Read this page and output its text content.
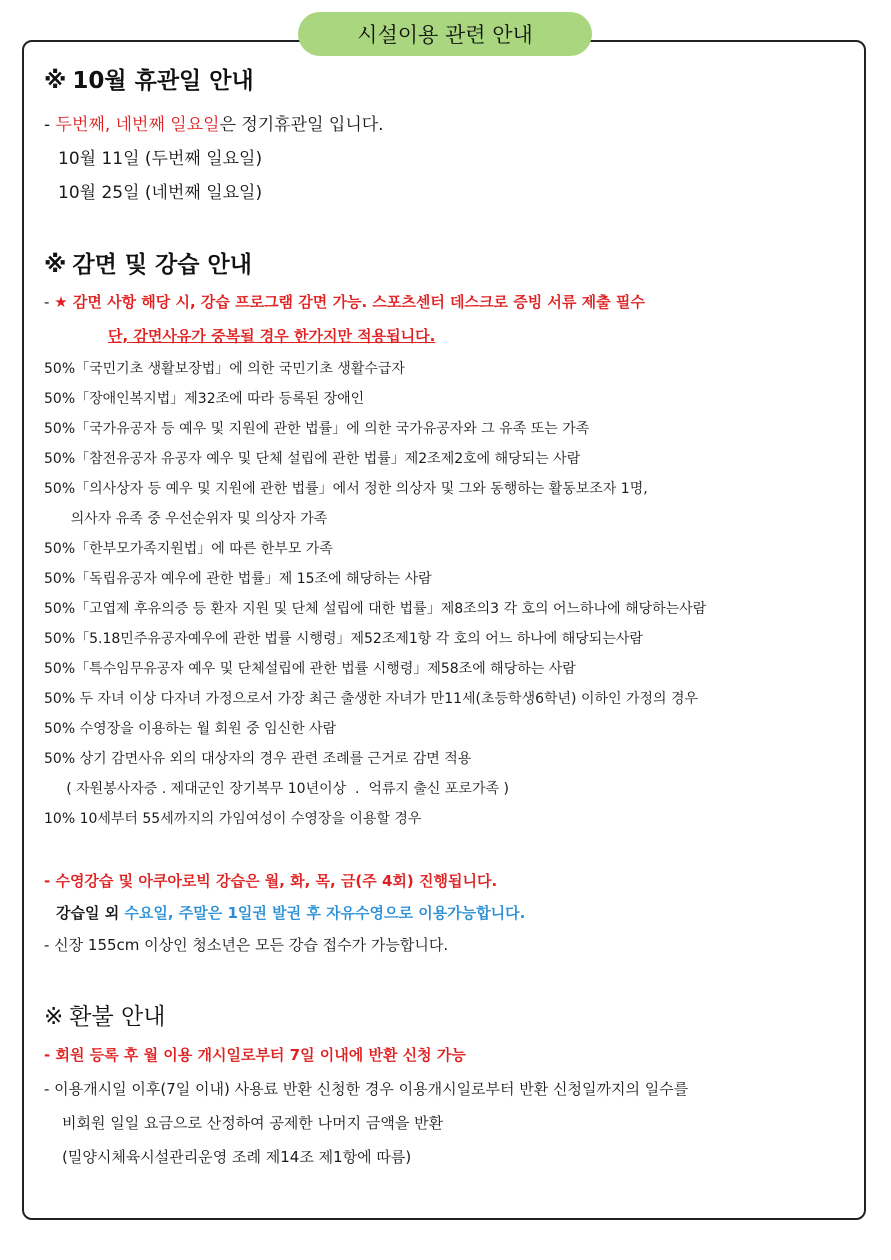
시설이용 관련 안내
※ 10월 휴관일 안내
- 두번째, 네번째 일요일은 정기휴관일 입니다.
10월 11일 (두번째 일요일)
10월 25일 (네번째 일요일)
※ 감면 및 강습 안내
- ★ 감면 사항 해당 시, 강습 프로그램 감면 가능. 스포츠센터 데스크로 증빙 서류 제출 필수
단, 감면사유가 중복될 경우 한가지만 적용됩니다.
50%「국민기초 생활보장법」에 의한 국민기초 생활수급자
50%「장애인복지법」제32조에 따라 등록된 장애인
50%「국가유공자 등 예우 및 지원에 관한 법률」에 의한 국가유공자와 그 유족 또는 가족
50%「참전유공자 유공자 예우 및 단체 설립에 관한 법률」제2조제2호에 해당되는 사람
50%「의사상자 등 예우 및 지원에 관한 법률」에서 정한 의상자 및 그와 동행하는 활동보조자 1명,
의사자 유족 중 우선순위자 및 의상자 가족
50%「한부모가족지원법」에 따른 한부모 가족
50%「독립유공자 예우에 관한 법률」제 15조에 해당하는 사람
50%「고엽제 후유의증 등 환자 지원 및 단체 설립에 대한 법률」제8조의3 각 호의 어느하나에 해당하는사람
50%「5.18민주유공자예우에 관한 법률 시행령」제52조제1항 각 호의 어느 하나에 해당되는사람
50%「특수임무유공자 예우 및 단체설립에 관한 법률 시행령」제58조에 해당하는 사람
50% 두 자녀 이상 다자녀 가정으로서 가장 최근 출생한 자녀가 만11세(초등학생6학년) 이하인 가정의 경우
50% 수영장을 이용하는 월 회원 중 임신한 사람
50% 상기 감면사유 외의 대상자의 경우 관련 조례를 근거로 감면 적용
( 자원봉사자증 . 제대군인 장기복무 10년이상  .  억류지 출신 포로가족 )
10% 10세부터 55세까지의 가임여성이 수영장을 이용할 경우
- 수영강습 및 아쿠아로빅 강습은 월, 화, 목, 금(주 4회) 진행됩니다.
강습일 외 수요일, 주말은 1일권 발권 후 자유수영으로 이용가능합니다.
- 신장 155cm 이상인 청소년은 모든 강습 접수가 가능합니다.
※ 환불 안내
- 회원 등록 후 월 이용 개시일로부터 7일 이내에 반환 신청 가능
- 이용개시일 이후(7일 이내) 사용료 반환 신청한 경우 이용개시일로부터 반환 신청일까지의 일수를
비회원 일일 요금으로 산정하여 공제한 나머지 금액을 반환
(밀양시체육시설관리운영 조례 제14조 제1항에 따름)
